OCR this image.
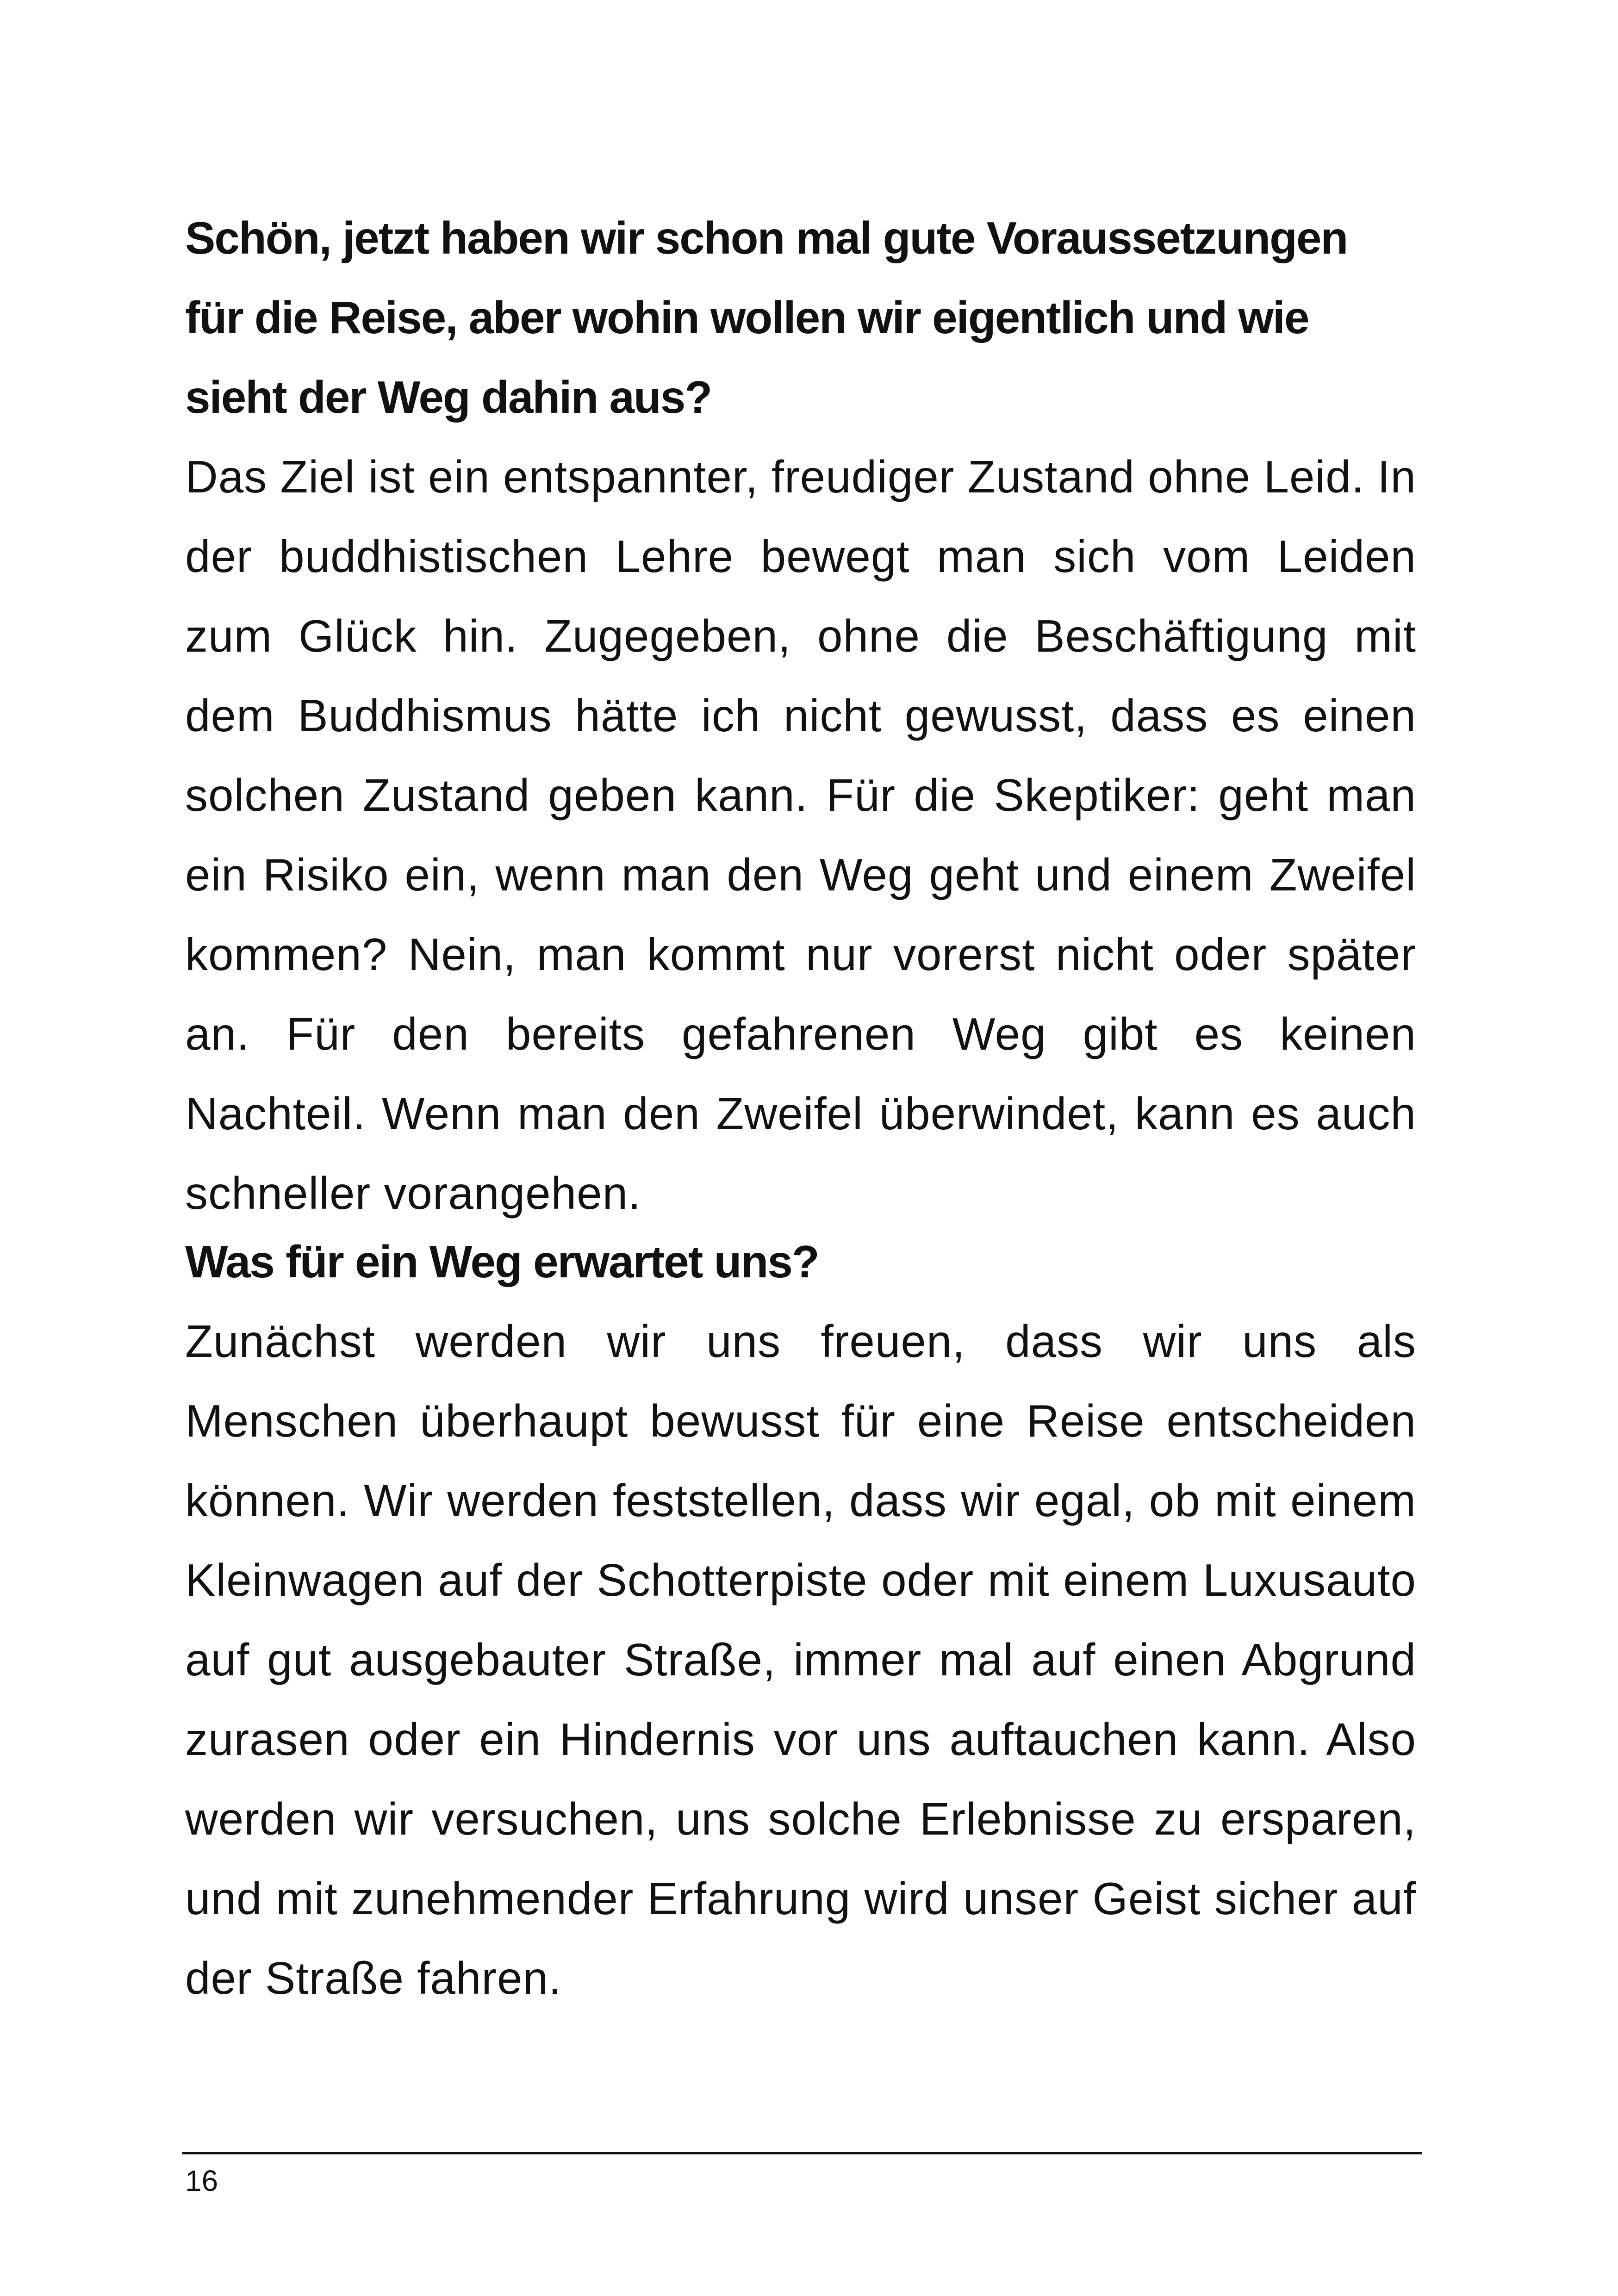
Schön, jetzt haben wir schon mal gute Voraussetzungen für die Reise, aber wohin wollen wir eigentlich und wie sieht der Weg dahin aus?

Das Ziel ist ein entspannter, freudiger Zustand ohne Leid. In der buddhistischen Lehre bewegt man sich vom Leiden zum Glück hin. Zugegeben, ohne die Beschäftigung mit dem Buddhismus hätte ich nicht gewusst, dass es einen solchen Zustand geben kann. Für die Skeptiker: geht man ein Risiko ein, wenn man den Weg geht und einem Zweifel kommen? Nein, man kommt nur vorerst nicht oder später an. Für den bereits gefahrenen Weg gibt es keinen Nachteil. Wenn man den Zweifel überwindet, kann es auch schneller vorangehen.

Was für ein Weg erwartet uns?

Zunächst werden wir uns freuen, dass wir uns als Menschen überhaupt bewusst für eine Reise entscheiden können. Wir werden feststellen, dass wir egal, ob mit einem Kleinwagen auf der Schotterpiste oder mit einem Luxusauto auf gut ausgebauter Straße, immer mal auf einen Abgrund zurasen oder ein Hindernis vor uns auftauchen kann. Also werden wir versuchen, uns solche Erlebnisse zu ersparen, und mit zunehmender Erfahrung wird unser Geist sicher auf der Straße fahren.

16
